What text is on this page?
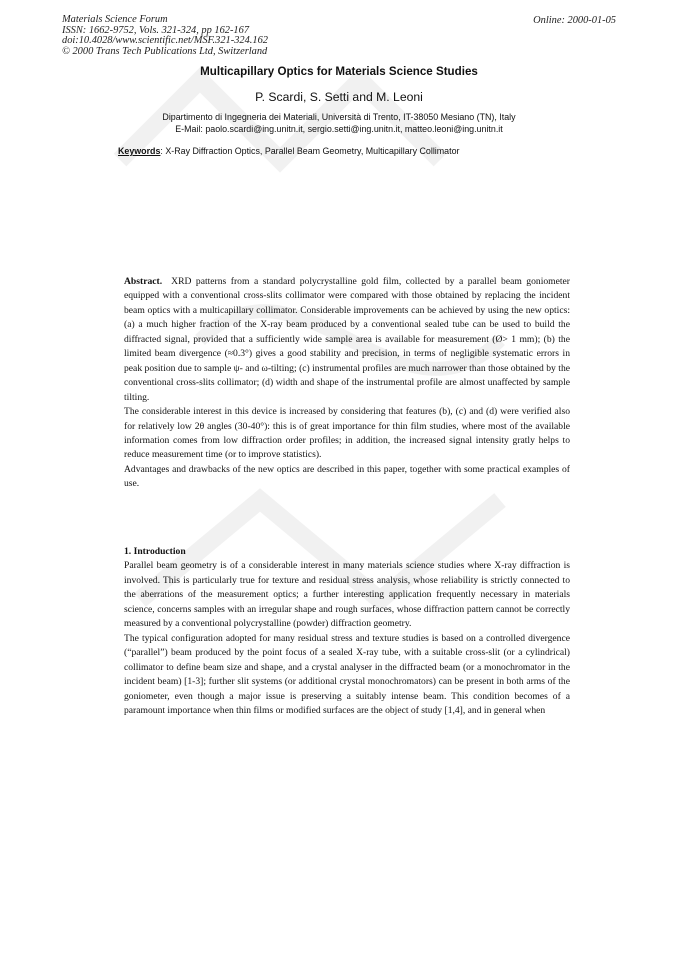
Materials Science Forum
ISSN: 1662-9752, Vols. 321-324, pp 162-167
doi:10.4028/www.scientific.net/MSF.321-324.162
© 2000 Trans Tech Publications Ltd, Switzerland
Online: 2000-01-05
Multicapillary Optics for Materials Science Studies
P. Scardi, S. Setti and M. Leoni
Dipartimento di Ingegneria dei Materiali, Università di Trento, IT-38050 Mesiano (TN), Italy
E-Mail: paolo.scardi@ing.unitn.it, sergio.setti@ing.unitn.it, matteo.leoni@ing.unitn.it
Keywords: X-Ray Diffraction Optics, Parallel Beam Geometry, Multicapillary Collimator

Abstract. XRD patterns from a standard polycrystalline gold film, collected by a parallel beam goniometer equipped with a conventional cross-slits collimator were compared with those obtained by replacing the incident beam optics with a multicapillary collimator. Considerable improvements can be achieved by using the new optics: (a) a much higher fraction of the X-ray beam produced by a conventional sealed tube can be used to build the diffracted signal, provided that a sufficiently wide sample area is available for measurement (Ø> 1 mm); (b) the limited beam divergence (≈0.3°) gives a good stability and precision, in terms of negligible systematic errors in peak position due to sample ψ- and ω-tilting; (c) instrumental profiles are much narrower than those obtained by the conventional cross-slits collimator; (d) width and shape of the instrumental profile are almost unaffected by sample tilting.

The considerable interest in this device is increased by considering that features (b), (c) and (d) were verified also for relatively low 2θ angles (30-40°): this is of great importance for thin film studies, where most of the available information comes from low diffraction order profiles; in addition, the increased signal intensity gratly helps to reduce measurement time (or to improve statistics).

Advantages and drawbacks of the new optics are described in this paper, together with some practical examples of use.

1. Introduction

Parallel beam geometry is of a considerable interest in many materials science studies where X-ray diffraction is involved. This is particularly true for texture and residual stress analysis, whose reliability is strictly connected to the aberrations of the measurement optics; a further interesting application frequently necessary in materials science, concerns samples with an irregular shape and rough surfaces, whose diffraction pattern cannot be correctly measured by a conventional polycrystalline (powder) diffraction geometry.

The typical configuration adopted for many residual stress and texture studies is based on a controlled divergence (“parallel”) beam produced by the point focus of a sealed X-ray tube, with a suitable cross-slit (or a cylindrical) collimator to define beam size and shape, and a crystal analyser in the diffracted beam (or a monochromator in the incident beam) [1-3]; further slit systems (or additional crystal monochromators) can be present in both arms of the goniometer, even though a major issue is preserving a suitably intense beam. This condition becomes of a paramount importance when thin films or modified surfaces are the object of study [1,4], and in general when
